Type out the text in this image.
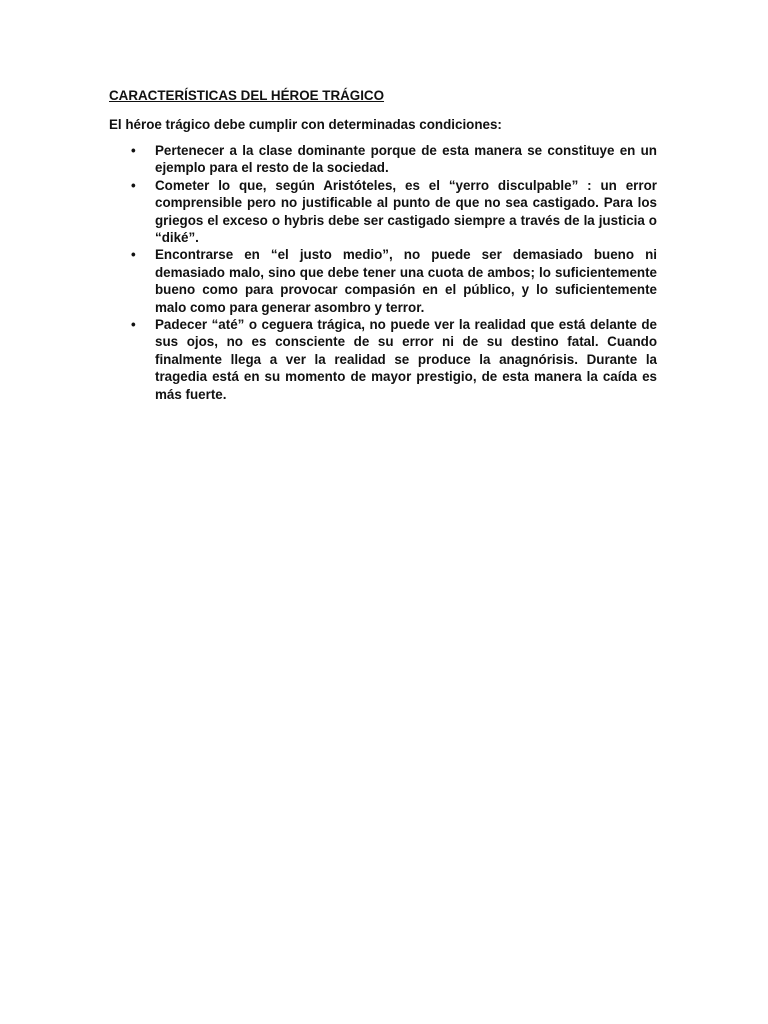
CARACTERÍSTICAS DEL HÉROE TRÁGICO

El héroe trágico debe cumplir con determinadas condiciones:

•	Pertenecer a la clase dominante porque de esta manera se constituye en un ejemplo para el resto de la sociedad.
•	Cometer lo que, según Aristóteles, es el “yerro disculpable” : un error comprensible pero no justificable al punto de que no sea castigado. Para los griegos el exceso o hybris debe ser castigado siempre a través de la justicia o “diké”.
•	Encontrarse en “el justo medio”, no puede ser demasiado bueno ni demasiado malo, sino que debe tener una cuota de ambos; lo suficientemente bueno como para provocar compasión en el público, y lo suficientemente malo como para generar asombro y terror.
•	Padecer “até” o ceguera trágica, no puede ver la realidad que está delante de sus ojos, no es consciente de su error ni de su destino fatal. Cuando finalmente llega a ver la realidad se produce la anagnórisis. Durante la tragedia está en su momento de mayor prestigio, de esta manera la caída es más fuerte.
